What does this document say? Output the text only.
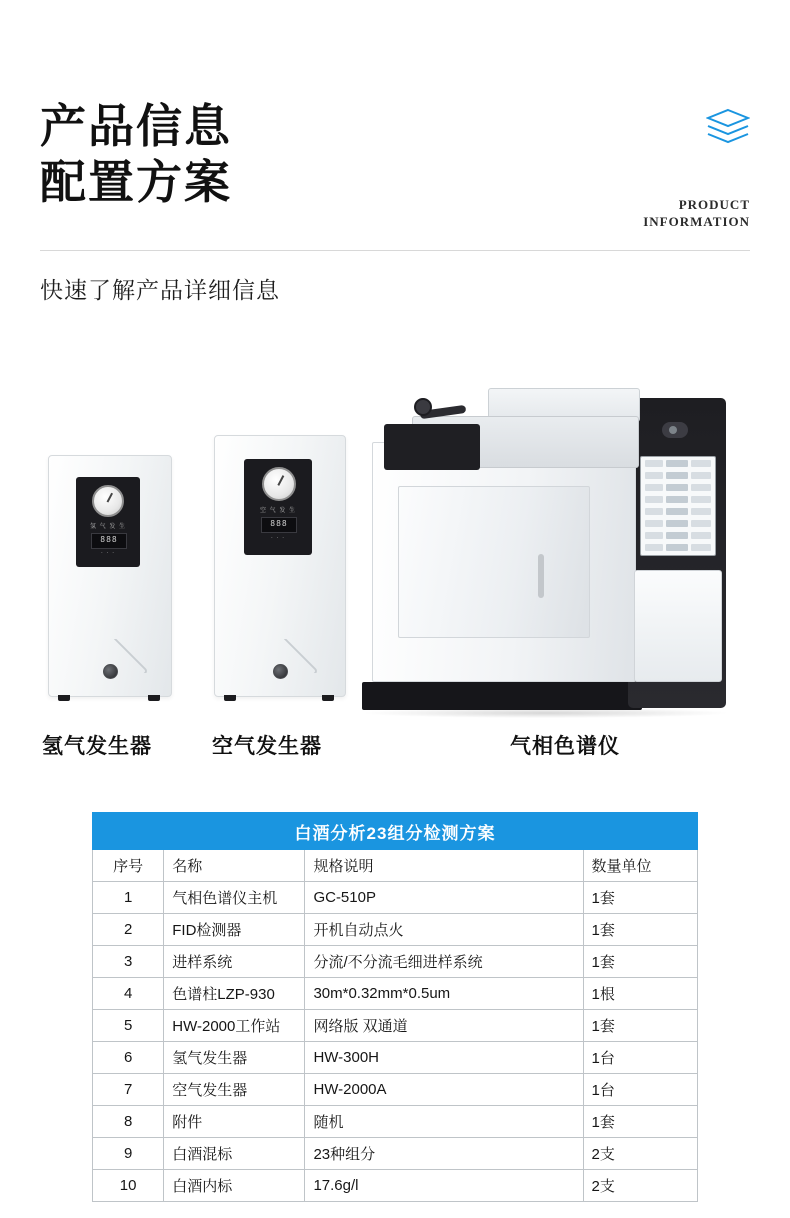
产品信息
配置方案	PRODUCT
INFORMATION
快速了解产品详细信息
氢 气 发 生
888
· · ·
空 气 发 生
888
· · ·
氢气发生器	空气发生器	气相色谱仪
白酒分析23组分检测方案			
序号	名称	规格说明	数量单位
1	气相色谱仪主机	GC-510P	1套
2	FID检测器	开机自动点火	1套
3	进样系统	分流/不分流毛细进样系统	1套
4	色谱柱LZP-930	30m*0.32mm*0.5um	1根
5	HW-2000工作站	网络版 双通道	1套
6	氢气发生器	HW-300H	1台
7	空气发生器	HW-2000A	1台
8	附件	随机	1套
9	白酒混标	23种组分	2支
10	白酒内标	17.6g/l	2支
